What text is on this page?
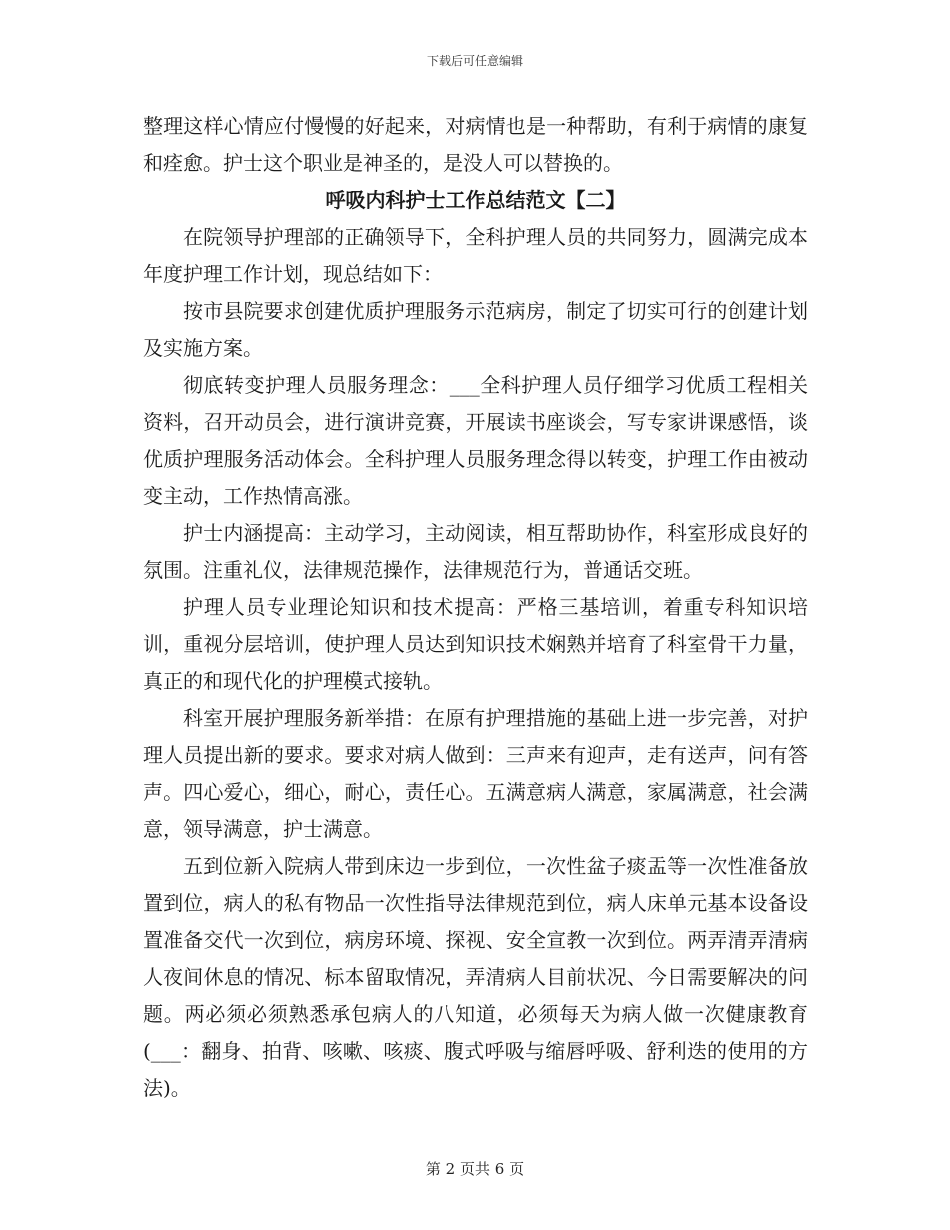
下载后可任意编辑

整理这样心情应付慢慢的好起来，对病情也是一种帮助，有利于病情的康复和痊愈。护士这个职业是神圣的，是没人可以替换的。

呼吸内科护士工作总结范文【二】

在院领导护理部的正确领导下，全科护理人员的共同努力，圆满完成本年度护理工作计划，现总结如下：

按市县院要求创建优质护理服务示范病房，制定了切实可行的创建计划及实施方案。

彻底转变护理人员服务理念：___全科护理人员仔细学习优质工程相关资料，召开动员会，进行演讲竞赛，开展读书座谈会，写专家讲课感悟，谈优质护理服务活动体会。全科护理人员服务理念得以转变，护理工作由被动变主动，工作热情高涨。

护士内涵提高：主动学习，主动阅读，相互帮助协作，科室形成良好的氛围。注重礼仪，法律规范操作，法律规范行为，普通话交班。

护理人员专业理论知识和技术提高：严格三基培训，着重专科知识培训，重视分层培训，使护理人员达到知识技术娴熟并培育了科室骨干力量，真正的和现代化的护理模式接轨。

科室开展护理服务新举措：在原有护理措施的基础上进一步完善，对护理人员提出新的要求。要求对病人做到：三声来有迎声，走有送声，问有答声。四心爱心，细心，耐心，责任心。五满意病人满意，家属满意，社会满意，领导满意，护士满意。

五到位新入院病人带到床边一步到位，一次性盆子痰盂等一次性准备放置到位，病人的私有物品一次性指导法律规范到位，病人床单元基本设备设置准备交代一次到位，病房环境、探视、安全宣教一次到位。两弄清弄清病人夜间休息的情况、标本留取情况，弄清病人目前状况、今日需要解决的问题。两必须必须熟悉承包病人的八知道，必须每天为病人做一次健康教育(___：翻身、拍背、咳嗽、咳痰、腹式呼吸与缩唇呼吸、舒利迭的使用的方法)。

第 2 页共 6 页
